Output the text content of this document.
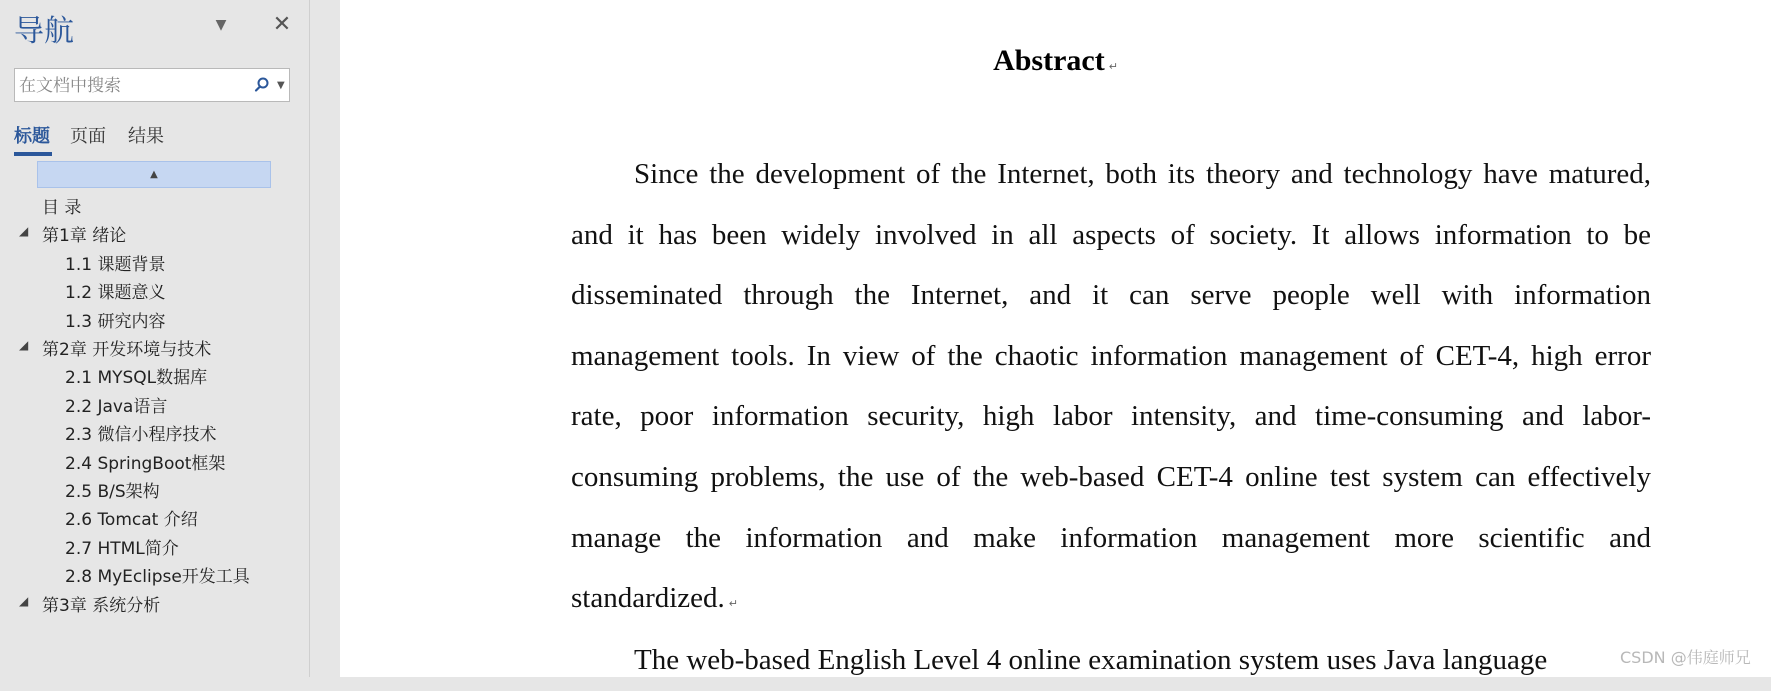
导航	▼ ✕
在文档中搜索
▼
标题 页面 结果
▲
目 录
◢ 第1章 绪论
1.1 课题背景
1.2 课题意义
1.3 研究内容
◢ 第2章 开发环境与技术
2.1 MYSQL数据库
2.2 Java语言
2.3 微信小程序技术
2.4 SpringBoot框架
2.5 B/S架构
2.6 Tomcat 介绍
2.7 HTML简介
2.8 MyEclipse开发工具
◢ 第3章 系统分析
Abstract ↵

Since the development of the Internet, both its theory and technology have matured, and it has been widely involved in all aspects of society. It allows information to be disseminated through the Internet, and it can serve people well with information management tools. In view of the chaotic information management of CET-4, high error rate, poor information security, high labor intensity, and time-consuming and labor-consuming problems, the use of the web-based CET-4 online test system can effectively manage the information and make information management more scientific and standardized. ↵

The web-based English Level 4 online examination system uses Java language	CSDN @伟庭师兄
